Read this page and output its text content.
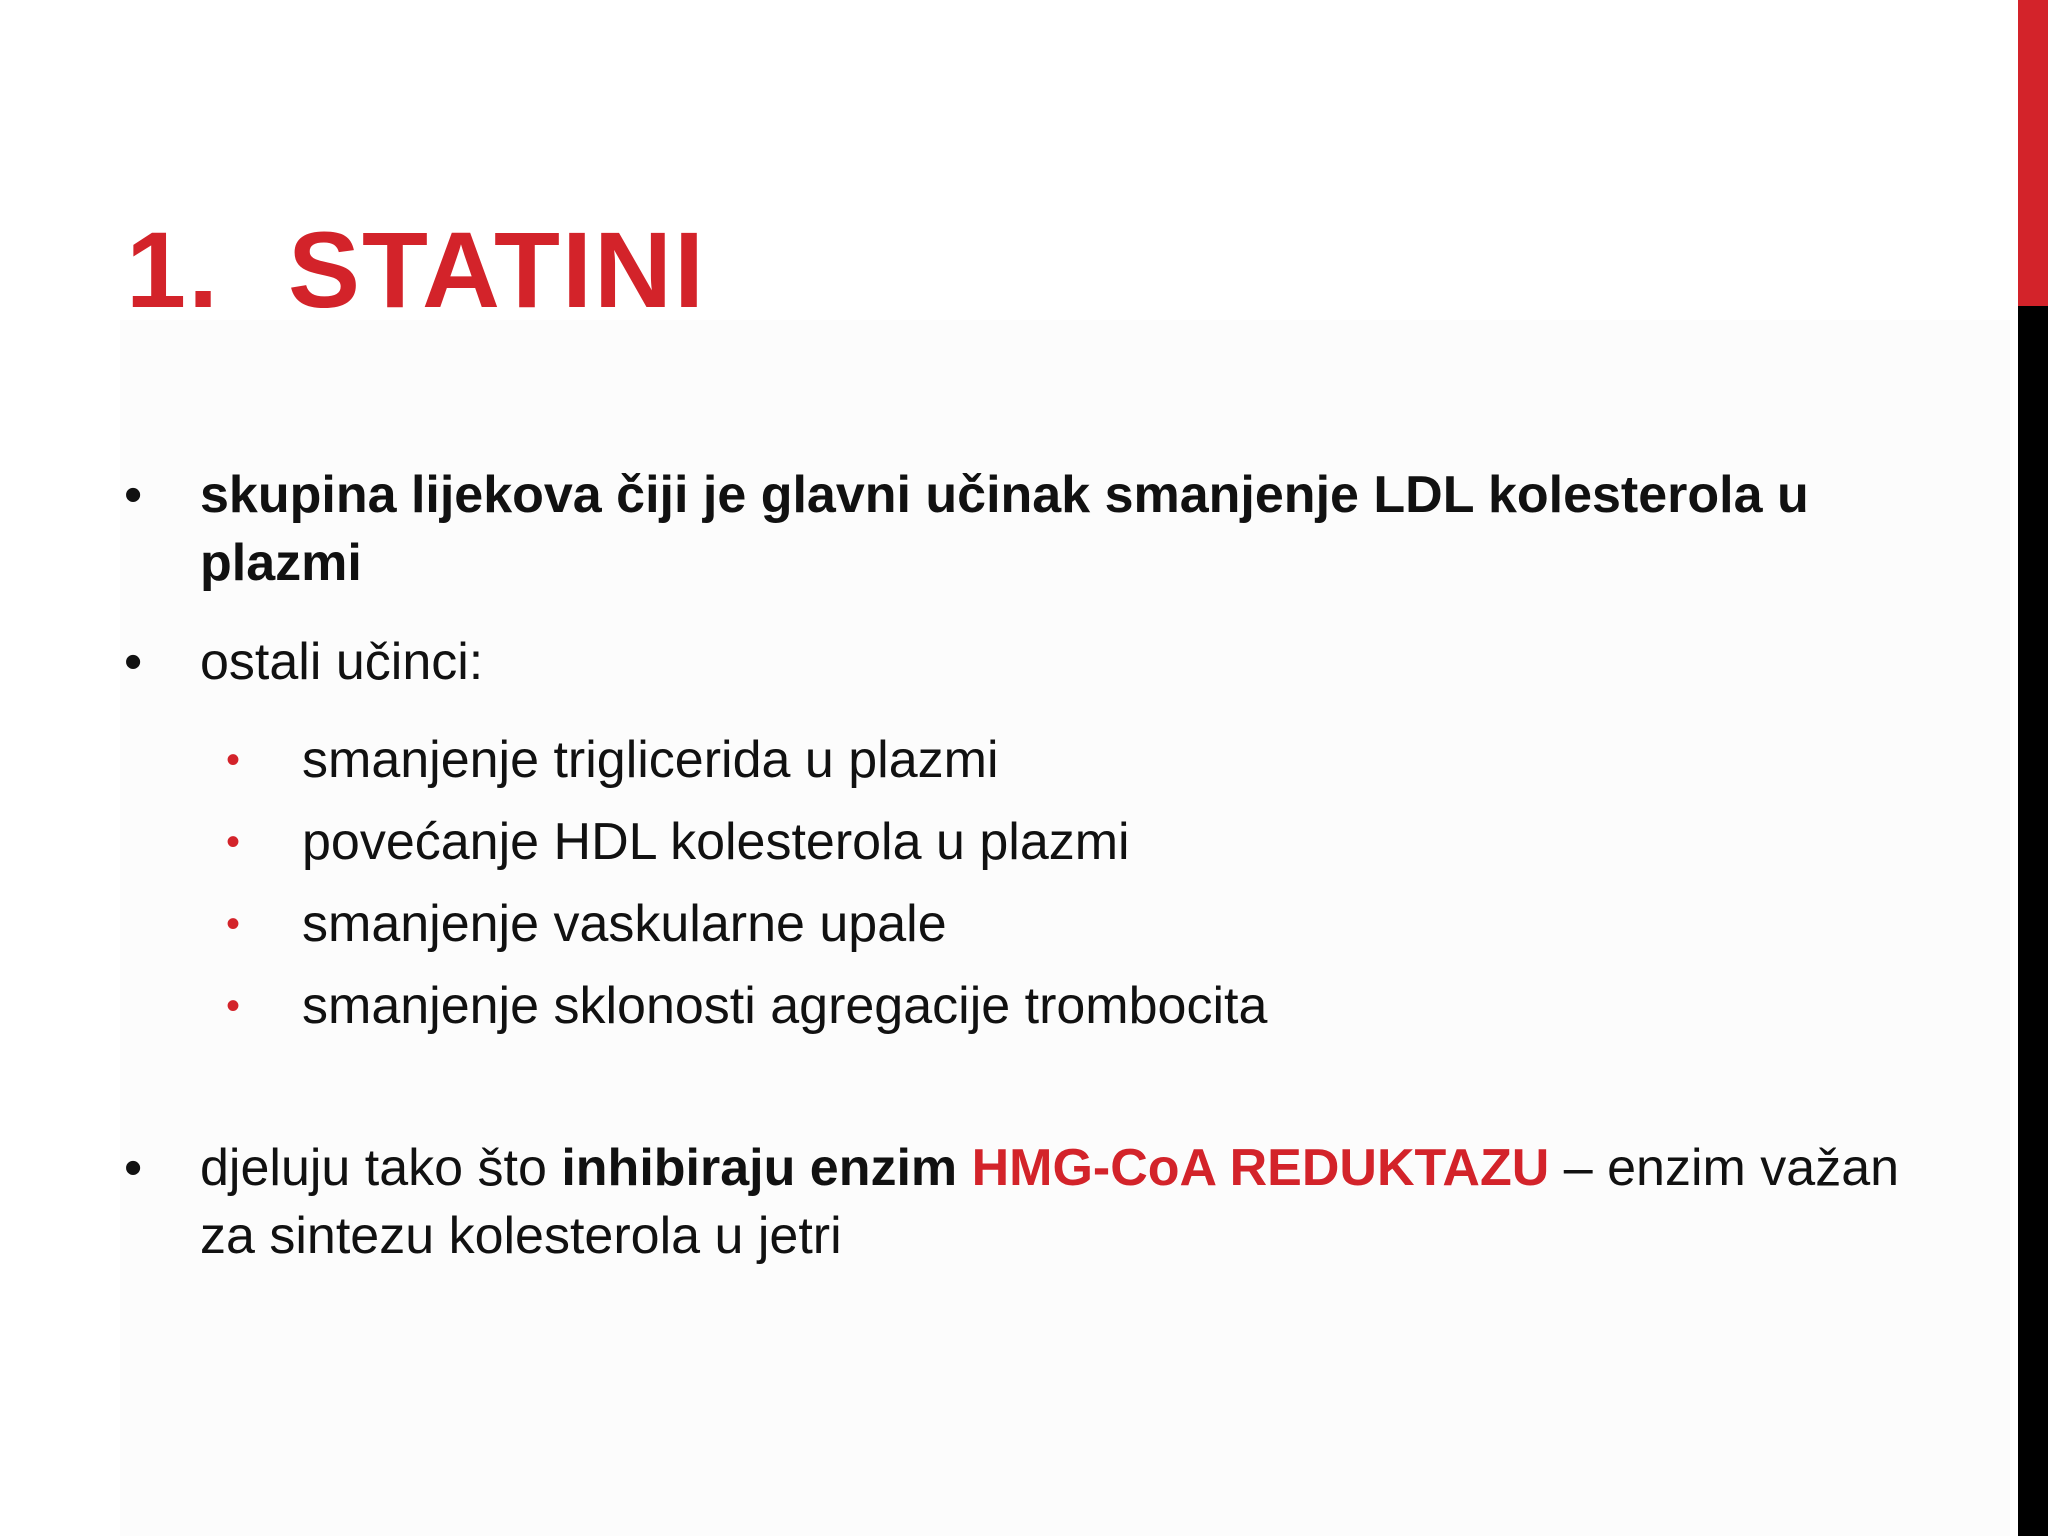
1. STATINI
•	skupina lijekova čiji je glavni učinak smanjenje LDL kolesterola u plazmi
•	ostali učinci:
•	smanjenje triglicerida u plazmi
•	povećanje HDL kolesterola u plazmi
•	smanjenje vaskularne upale
•	smanjenje sklonosti agregacije trombocita
•	djeluju tako što inhibiraju enzim HMG-CoA REDUKTAZU – enzim važan za sintezu kolesterola u jetri
